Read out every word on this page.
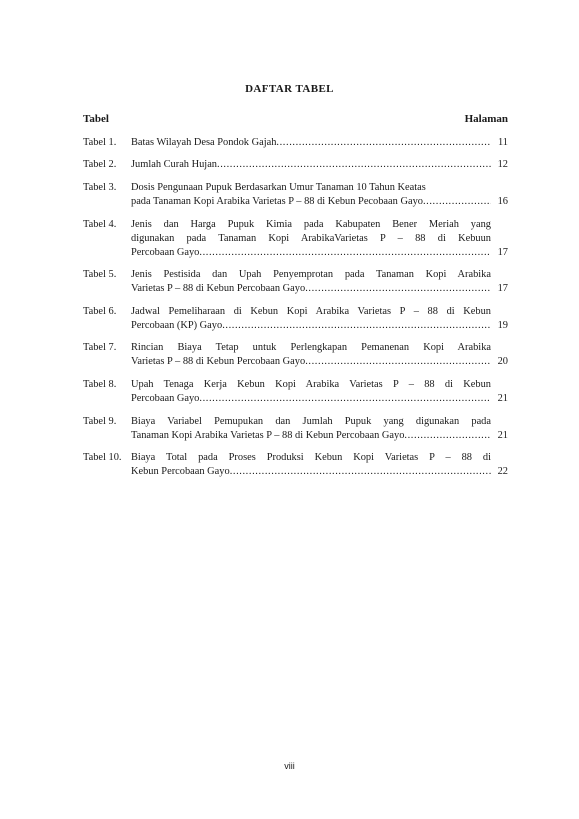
DAFTAR TABEL
Tabel	Halaman
Tabel 1. Batas Wilayah Desa Pondok Gajah .....	11
Tabel 2. Jumlah Curah Hujan .....	12
Tabel 3. Dosis Pengunaan Pupuk Berdasarkan Umur Tanaman 10 Tahun Keatas
pada Tanaman Kopi Arabika Varietas P – 88 di Kebun Pecobaan Gayo .....	16
Tabel 4. Jenis dan Harga Pupuk Kimia pada Kabupaten Bener Meriah yang
digunakan pada Tanaman Kopi ArabikaVarietas P – 88 di Kebuun
Percobaan Gayo .....	17
Tabel 5. Jenis Pestisida dan Upah Penyemprotan pada Tanaman Kopi Arabika
Varietas P – 88 di Kebun Percobaan Gayo .....	17
Tabel 6. Jadwal Pemeliharaan di Kebun Kopi Arabika Varietas P – 88 di Kebun
Percobaan (KP) Gayo .....	19
Tabel 7. Rincian Biaya Tetap untuk Perlengkapan Pemanenan Kopi Arabika
Varietas P – 88 di Kebun Percobaan Gayo .....	20
Tabel 8. Upah Tenaga Kerja Kebun Kopi Arabika Varietas P – 88 di Kebun
Percobaan Gayo .....	21
Tabel 9. Biaya Variabel Pemupukan dan Jumlah Pupuk yang digunakan pada
Tanaman Kopi Arabika Varietas P – 88 di Kebun Percobaan Gayo .....	21
Tabel 10. Biaya Total pada Proses Produksi Kebun Kopi Varietas P – 88 di
Kebun Percobaan Gayo .....	22
viii
